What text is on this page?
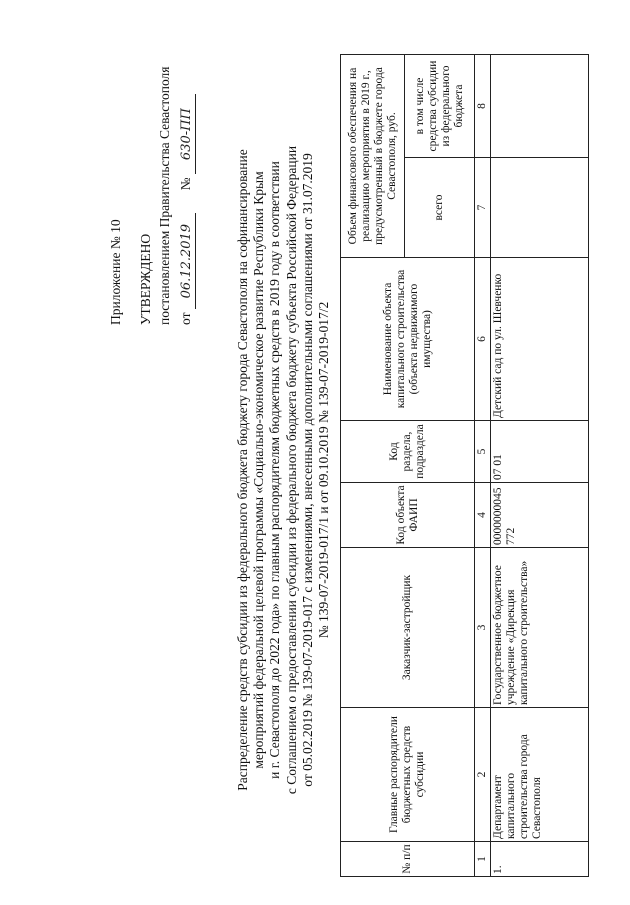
Приложение № 10 УТВЕРЖДЕНО постановлением Правительства Севастополя от 06.12.2019  № 630-ПП
Распределение средств субсидии из федерального бюджета бюджету города Севастополя на софинансирование мероприятий федеральной целевой программы «Социально-экономическое развитие Республики Крым и г. Севастополя до 2022 года» по главным распорядителям бюджетных средств в 2019 году в соответствии с Соглашением о предоставлении субсидии из федерального бюджета бюджету субъекта Российской Федерации от 05.02.2019 № 139-07-2019-017 с изменениями, внесенными дополнительными соглашениями от 31.07.2019 № 139-07-2019-017/1 и от 09.10.2019 № 139-07-2019-017/2
№ п/п	Главные распорядители бюджетных средств субсидии	Заказчик-застройщик	Код объекта ФАИП	Код раздела, подраздела	Наименование объекта капитального строительства (объекта недвижимого имущества)	Объем финансового обеспечения на реализацию мероприятия в 2019 г., предусмотренный в бюджете города Севастополя, руб.	
						всего	в том числе средства субсидии из федерального бюджета
1	2	3	4	5	6	7	8
1.	Департамент капитального строительства города Севастополя	Государственное бюджетное учреждение «Дирекция капитального строительства»	0000000045772	07 01	Детский сад по ул. Шевченко		
